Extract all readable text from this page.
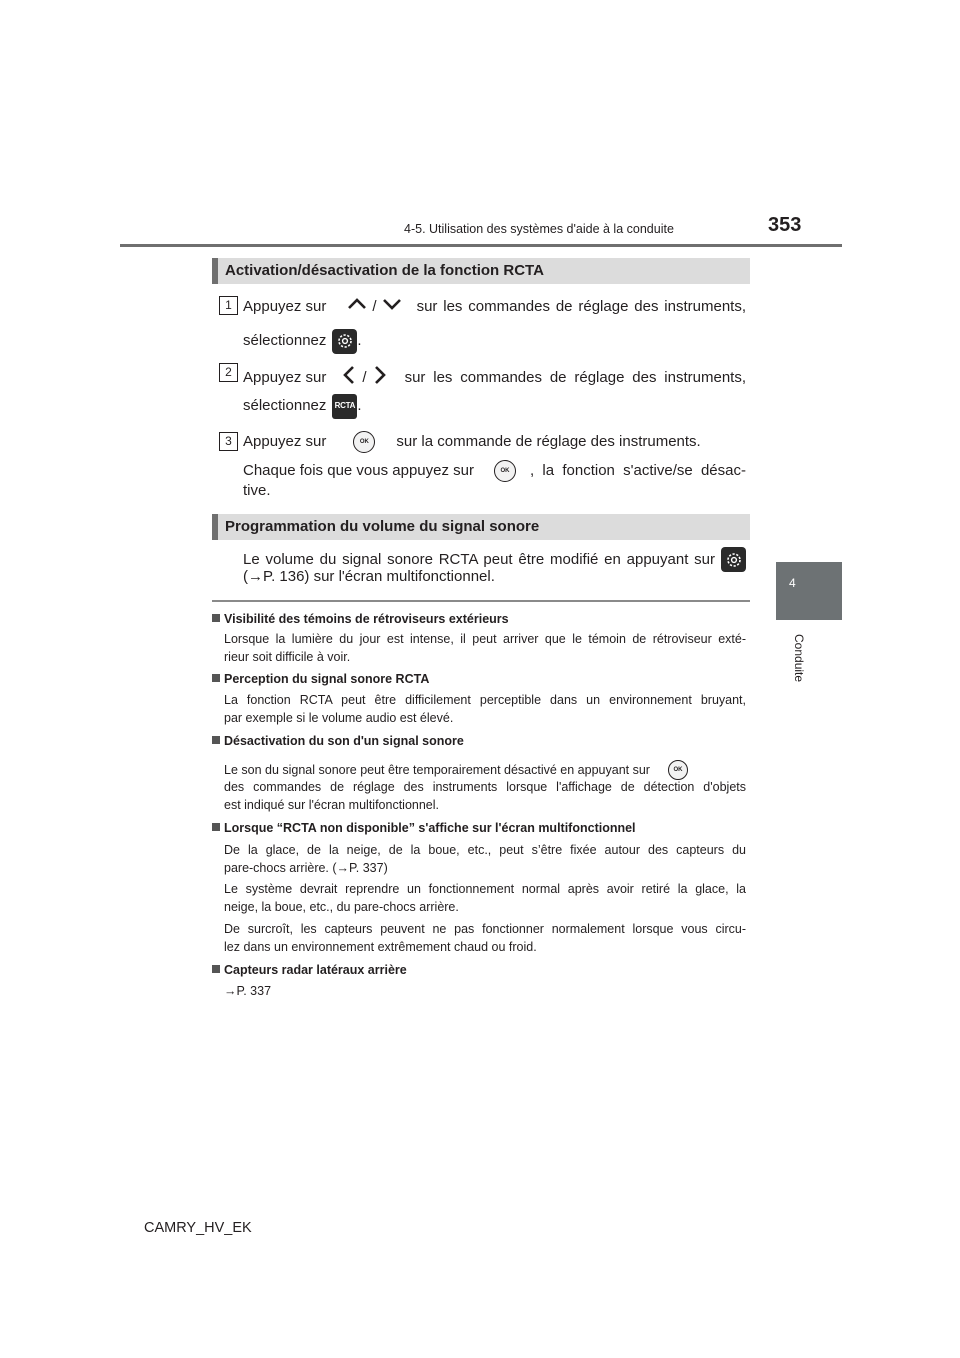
4-5. Utilisation des systèmes d'aide à la conduite	353
4
Conduite
Activation/désactivation de la fonction RCTA
1 Appuyez sur	/	sur les commandes de réglage des instruments,
sélectionnez .
2 Appuyez sur /	sur les commandes de réglage des instruments,
sélectionnez RCTA .
3 Appuyez sur	OK	sur la commande de réglage des instruments.
Chaque fois que vous appuyez sur	OK	, la fonction s'active/se désac-
tive.
Programmation du volume du signal sonore
Le volume du signal sonore RCTA peut être modifié en appuyant sur
(→P. 136) sur l'écran multifonctionnel.
Visibilité des témoins de rétroviseurs extérieurs
Lorsque la lumière du jour est intense, il peut arriver que le témoin de rétroviseur exté-
rieur soit difficile à voir.
Perception du signal sonore RCTA
La fonction RCTA peut être difficilement perceptible dans un environnement bruyant,
par exemple si le volume audio est élevé.
Désactivation du son d'un signal sonore
Le son du signal sonore peut être temporairement désactivé en appuyant sur	OK
des commandes de réglage des instruments lorsque l'affichage de détection d'objets
est indiqué sur l'écran multifonctionnel.
Lorsque “RCTA non disponible” s'affiche sur l'écran multifonctionnel
De la glace, de la neige, de la boue, etc., peut s’être fixée autour des capteurs du
pare-chocs arrière. (→P. 337)
Le système devrait reprendre un fonctionnement normal après avoir retiré la glace, la
neige, la boue, etc., du pare-chocs arrière.
De surcroît, les capteurs peuvent ne pas fonctionner normalement lorsque vous circu-
lez dans un environnement extrêmement chaud ou froid.
Capteurs radar latéraux arrière
→P. 337
CAMRY_HV_EK
